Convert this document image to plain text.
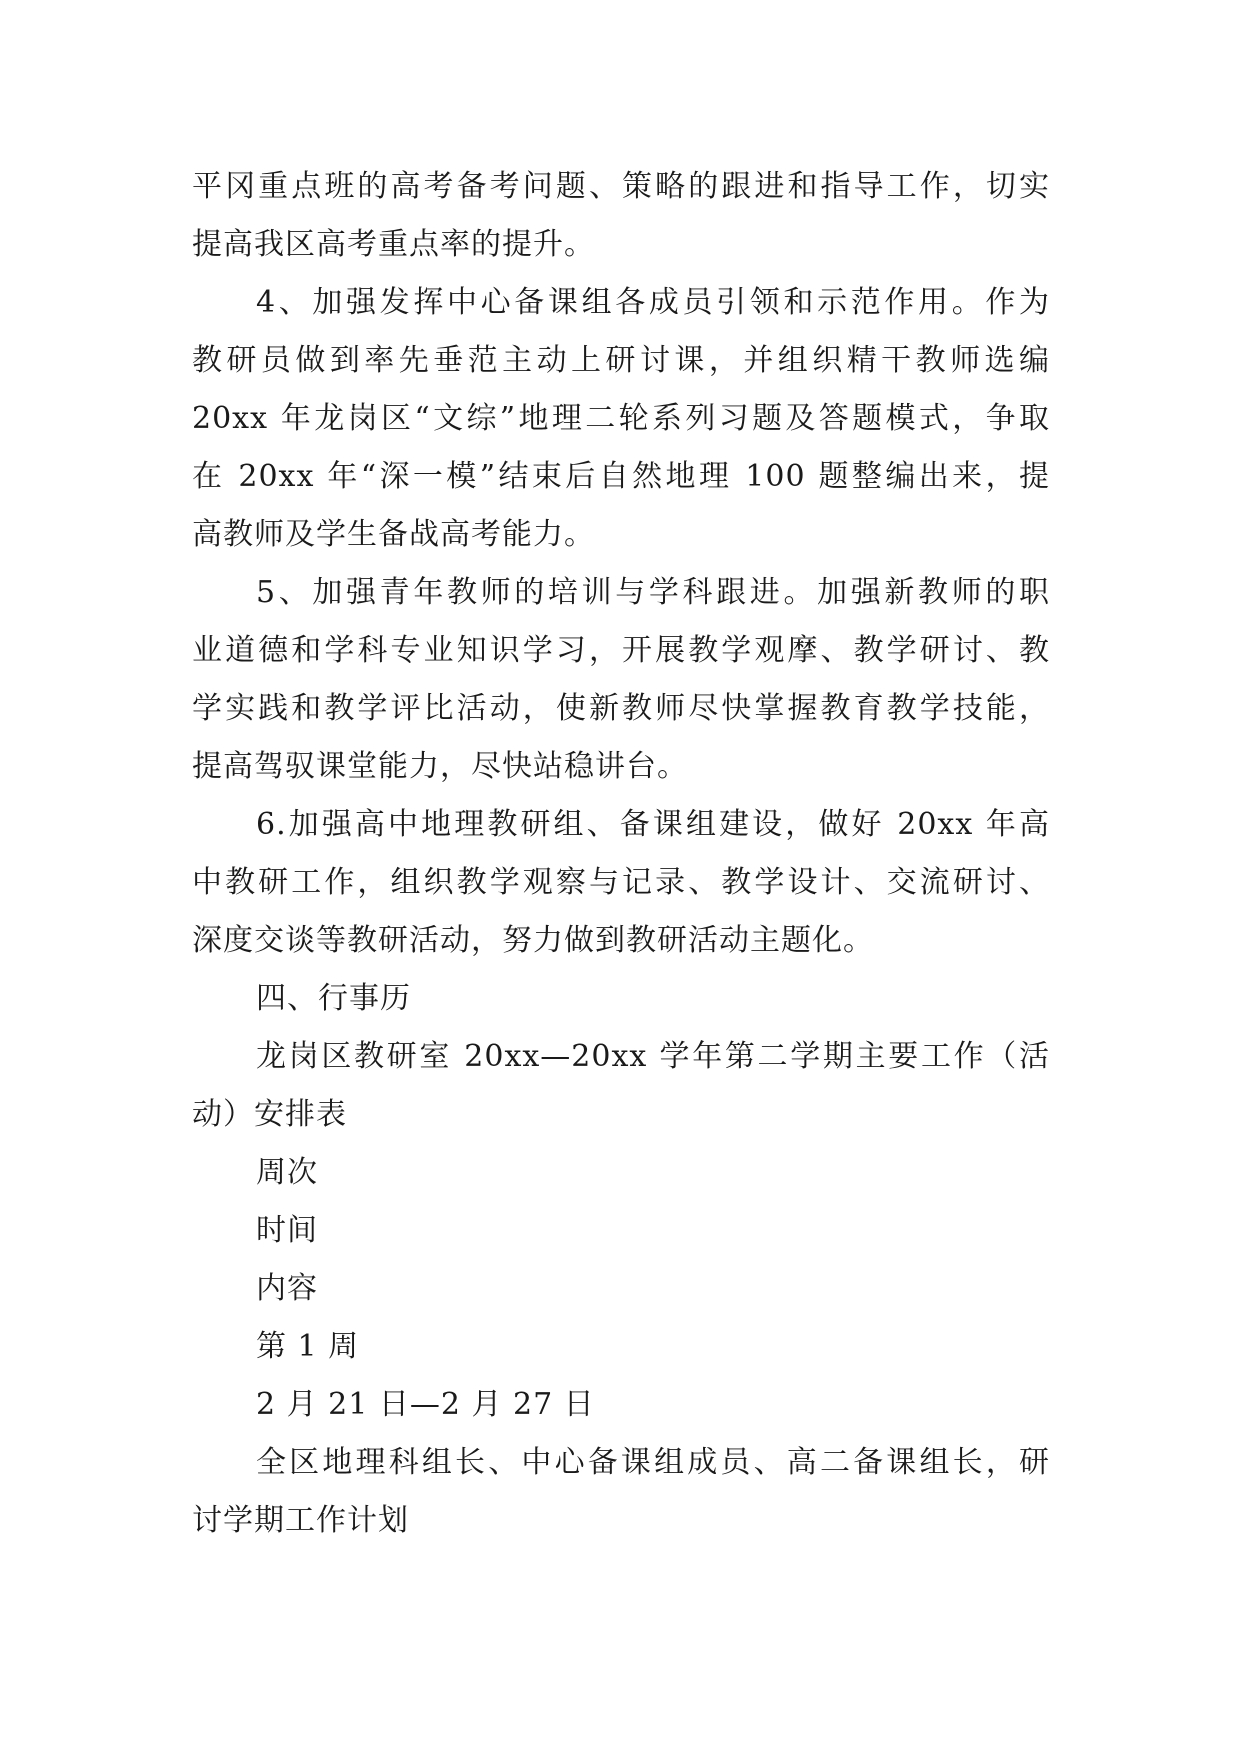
平冈重点班的高考备考问题、策略的跟进和指导工作，切实
提高我区高考重点率的提升。
4、加强发挥中心备课组各成员引领和示范作用。作为
教研员做到率先垂范主动上研讨课，并组织精干教师选编
20xx 年龙岗区“文综”地理二轮系列习题及答题模式，争取
在 20xx 年“深一模”结束后自然地理 100 题整编出来，提
高教师及学生备战高考能力。
5、加强青年教师的培训与学科跟进。加强新教师的职
业道德和学科专业知识学习，开展教学观摩、教学研讨、教
学实践和教学评比活动，使新教师尽快掌握教育教学技能，
提高驾驭课堂能力，尽快站稳讲台。
6.加强高中地理教研组、备课组建设，做好 20xx 年高
中教研工作，组织教学观察与记录、教学设计、交流研讨、
深度交谈等教研活动，努力做到教研活动主题化。
四、行事历
龙岗区教研室 20xx—20xx 学年第二学期主要工作（活
动）安排表
周次
时间
内容
第 1 周
2 月 21 日—2 月 27 日
全区地理科组长、中心备课组成员、高二备课组长，研
讨学期工作计划
